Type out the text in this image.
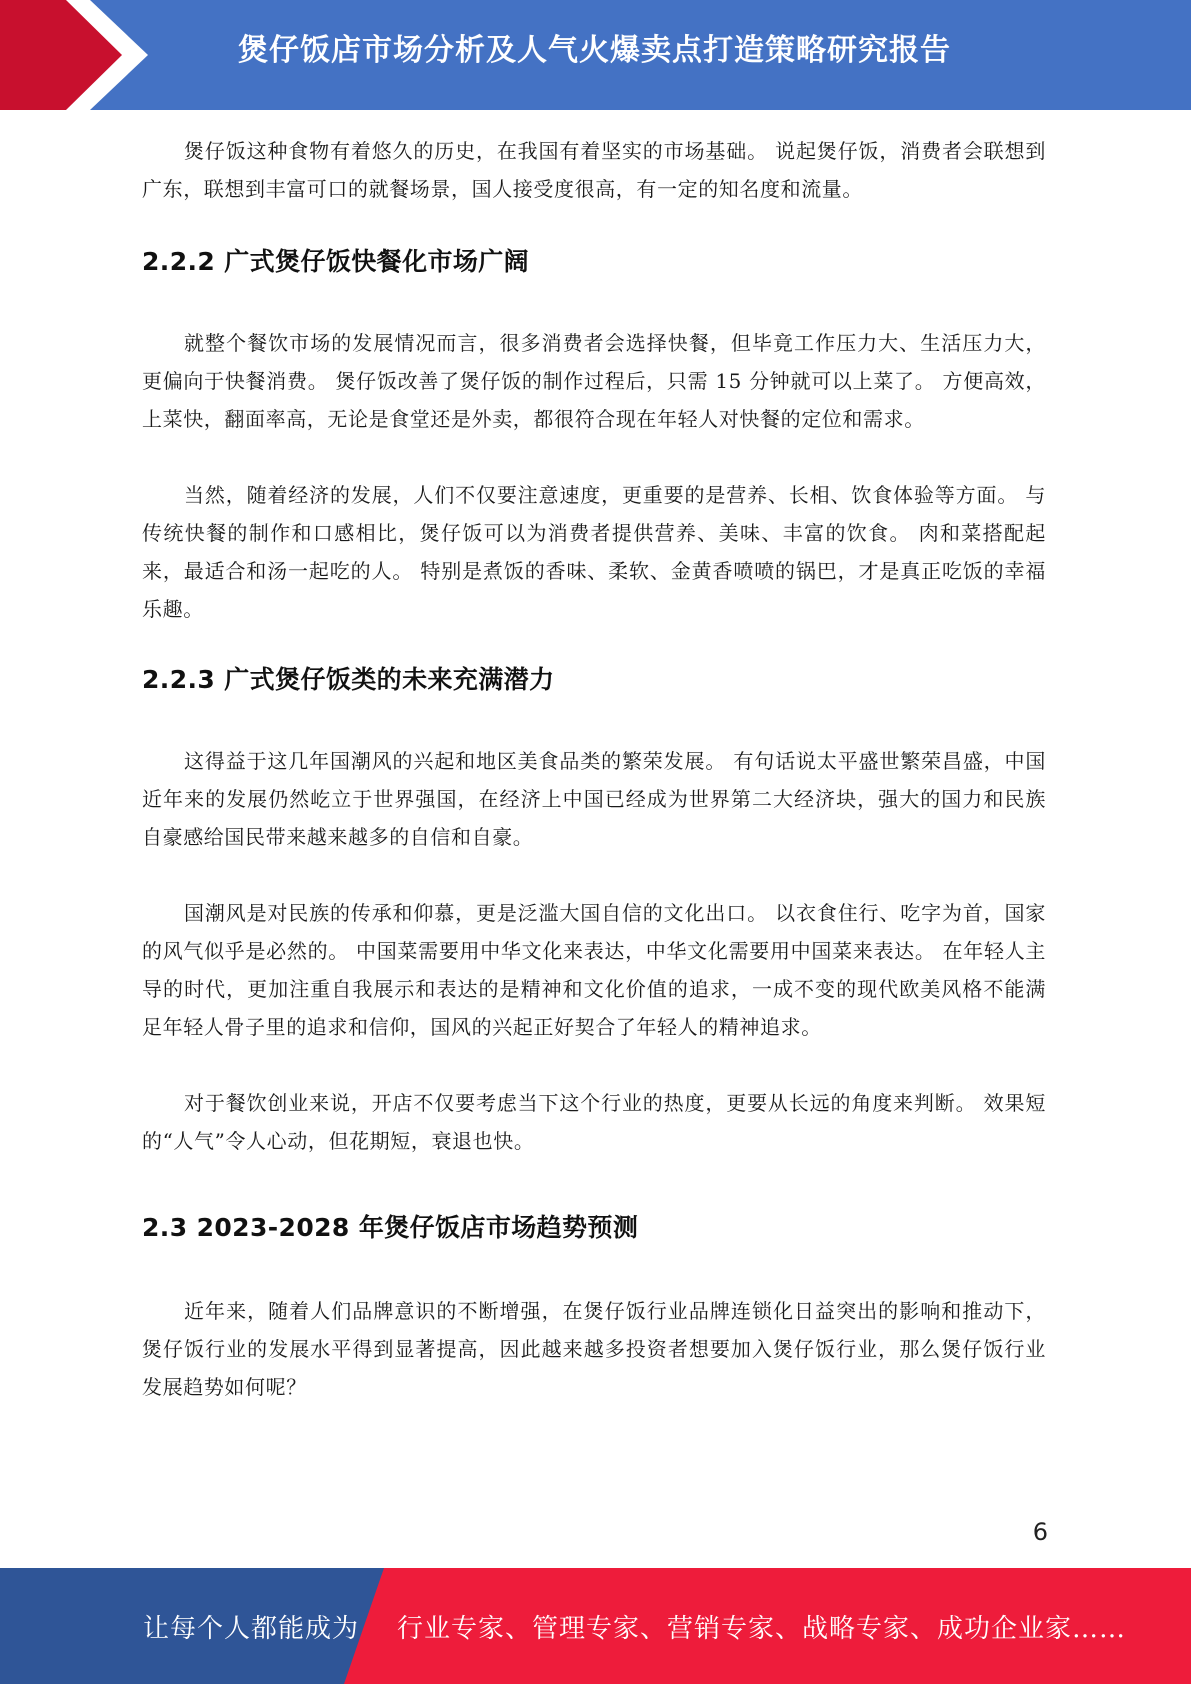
煲仔饭店市场分析及人气火爆卖点打造策略研究报告

煲仔饭这种食物有着悠久的历史，在我国有着坚实的市场基础。 说起煲仔饭，消费者会联想到广东，联想到丰富可口的就餐场景，国人接受度很高，有一定的知名度和流量。

2.2.2 广式煲仔饭快餐化市场广阔

就整个餐饮市场的发展情况而言，很多消费者会选择快餐，但毕竟工作压力大、生活压力大，更偏向于快餐消费。 煲仔饭改善了煲仔饭的制作过程后，只需 15 分钟就可以上菜了。 方便高效，上菜快，翻面率高，无论是食堂还是外卖，都很符合现在年轻人对快餐的定位和需求。

当然，随着经济的发展，人们不仅要注意速度，更重要的是营养、长相、饮食体验等方面。 与传统快餐的制作和口感相比，煲仔饭可以为消费者提供营养、美味、丰富的饮食。 肉和菜搭配起来，最适合和汤一起吃的人。 特别是煮饭的香味、柔软、金黄香喷喷的锅巴，才是真正吃饭的幸福乐趣。

2.2.3 广式煲仔饭类的未来充满潜力

这得益于这几年国潮风的兴起和地区美食品类的繁荣发展。 有句话说太平盛世繁荣昌盛，中国近年来的发展仍然屹立于世界强国，在经济上中国已经成为世界第二大经济块，强大的国力和民族自豪感给国民带来越来越多的自信和自豪。

国潮风是对民族的传承和仰慕，更是泛滥大国自信的文化出口。 以衣食住行、吃字为首，国家的风气似乎是必然的。 中国菜需要用中华文化来表达，中华文化需要用中国菜来表达。 在年轻人主导的时代，更加注重自我展示和表达的是精神和文化价值的追求，一成不变的现代欧美风格不能满足年轻人骨子里的追求和信仰，国风的兴起正好契合了年轻人的精神追求。

对于餐饮创业来说，开店不仅要考虑当下这个行业的热度，更要从长远的角度来判断。 效果短的“人气”令人心动，但花期短，衰退也快。

2.3 2023-2028 年煲仔饭店市场趋势预测

近年来，随着人们品牌意识的不断增强，在煲仔饭行业品牌连锁化日益突出的影响和推动下，煲仔饭行业的发展水平得到显著提高，因此越来越多投资者想要加入煲仔饭行业，那么煲仔饭行业发展趋势如何呢？

6
让每个人都能成为 行业专家、管理专家、营销专家、战略专家、成功企业家……
